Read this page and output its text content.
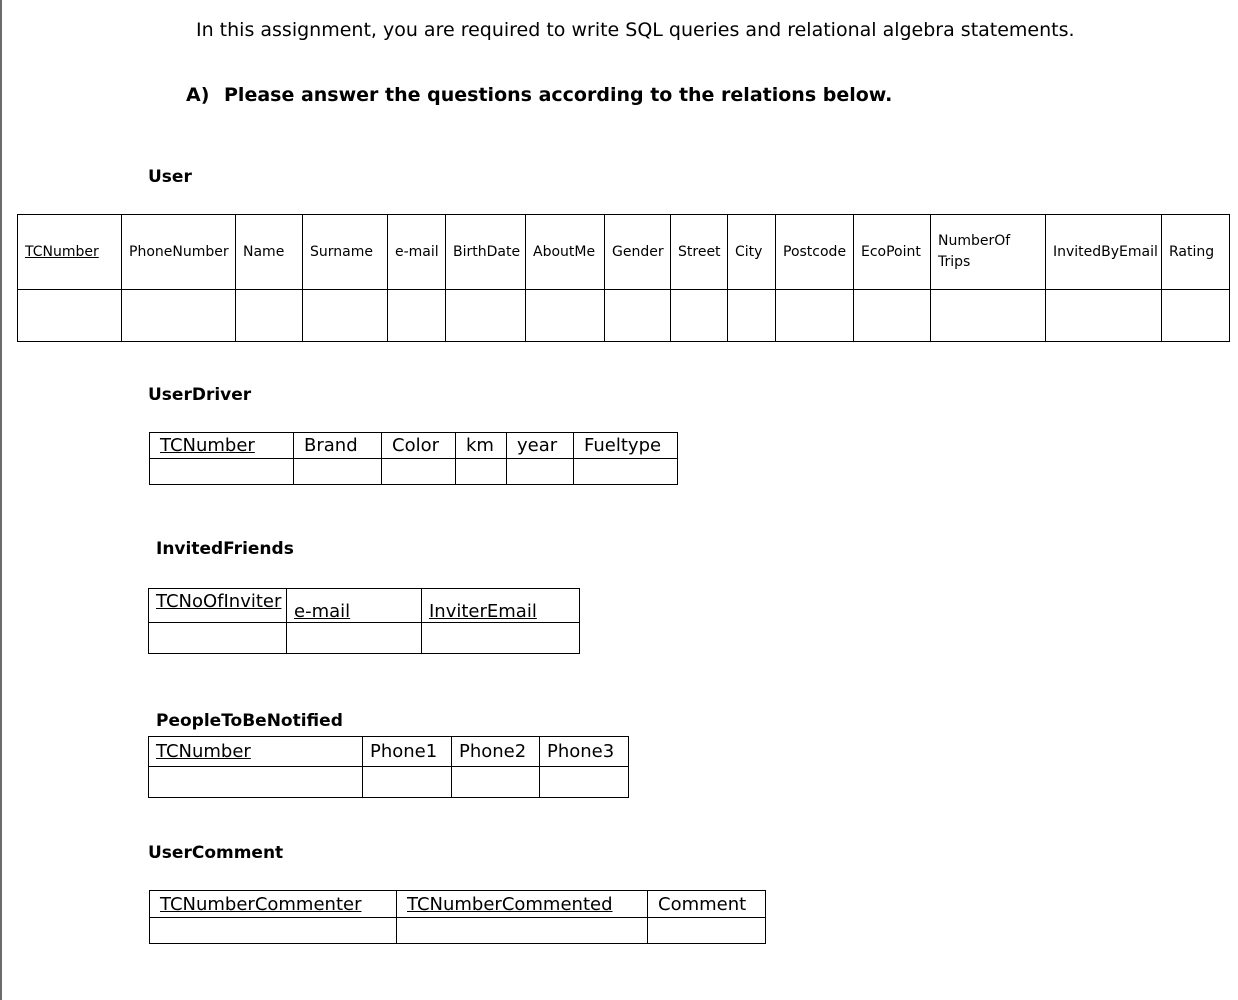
In this assignment, you are required to write SQL queries and relational algebra statements.
A) Please answer the questions according to the relations below.
User
TCNumber	PhoneNumber	Name	Surname	e-mail	BirthDate	AboutMe	Gender	Street	City	Postcode	EcoPoint	NumberOf Trips	InvitedByEmail	Rating

UserDriver
TCNumber	Brand	Color	km	year	Fueltype

InvitedFriends
TCNoOfInviter	e-mail	InviterEmail

PeopleToBeNotified
TCNumber	Phone1	Phone2	Phone3

UserComment
TCNumberCommenter	TCNumberCommented	Comment
